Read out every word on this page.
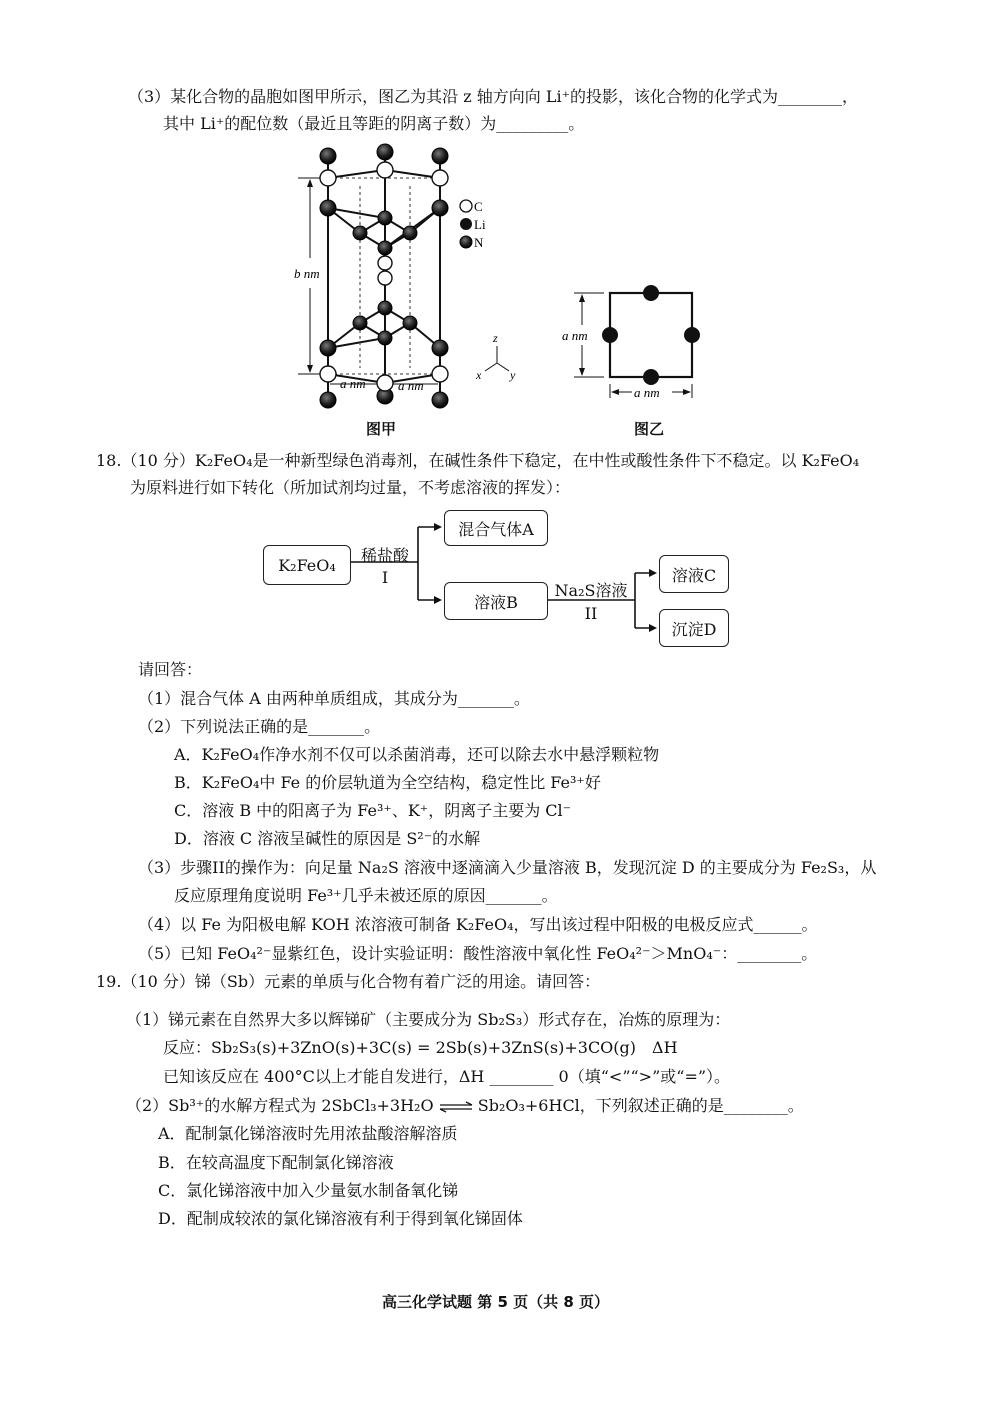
（3）某化合物的晶胞如图甲所示，图乙为其沿 z 轴方向向 Li⁺的投影，该化合物的化学式为________，
其中 Li⁺的配位数（最近且等距的阴离子数）为_________。
C
Li
N
b nm
a nm a nm
z
x y
图甲
a nm
a nm
图乙
18.（10 分）K₂FeO₄是一种新型绿色消毒剂，在碱性条件下稳定，在中性或酸性条件下不稳定。以 K₂FeO₄
为原料进行如下转化（所加试剂均过量，不考虑溶液的挥发）：
K₂FeO₄	稀盐酸
I
混合气体A
溶液B
Na₂S溶液
II
溶液C
沉淀D
请回答：
（1）混合气体 A 由两种单质组成，其成分为_______。
（2）下列说法正确的是_______。
A．K₂FeO₄作净水剂不仅可以杀菌消毒，还可以除去水中悬浮颗粒物
B．K₂FeO₄中 Fe 的价层轨道为全空结构，稳定性比 Fe³⁺好
C．溶液 B 中的阳离子为 Fe³⁺、K⁺，阴离子主要为 Cl⁻
D．溶液 C 溶液呈碱性的原因是 S²⁻的水解
（3）步骤II的操作为：向足量 Na₂S 溶液中逐滴滴入少量溶液 B，发现沉淀 D 的主要成分为 Fe₂S₃，从
反应原理角度说明 Fe³⁺几乎未被还原的原因_______。
（4）以 Fe 为阳极电解 KOH 浓溶液可制备 K₂FeO₄，写出该过程中阳极的电极反应式______。
（5）已知 FeO₄²⁻显紫红色，设计实验证明：酸性溶液中氧化性 FeO₄²⁻＞MnO₄⁻：________。
19.（10 分）锑（Sb）元素的单质与化合物有着广泛的用途。请回答：
（1）锑元素在自然界大多以辉锑矿（主要成分为 Sb₂S₃）形式存在，冶炼的原理为：
反应：Sb₂S₃(s)+3ZnO(s)+3C(s) = 2Sb(s)+3ZnS(s)+3CO(g)　ΔH
已知该反应在 400°C以上才能自发进行，ΔH ________ 0（填“<”“>”或“=”）。
（2）Sb³⁺的水解方程式为 2SbCl₃+3H₂O ⇌ Sb₂O₃+6HCl，下列叙述正确的是________。
A．配制氯化锑溶液时先用浓盐酸溶解溶质
B．在较高温度下配制氯化锑溶液
C．氯化锑溶液中加入少量氨水制备氧化锑
D．配制成较浓的氯化锑溶液有利于得到氧化锑固体
高三化学试题 第 5 页（共 8 页）
